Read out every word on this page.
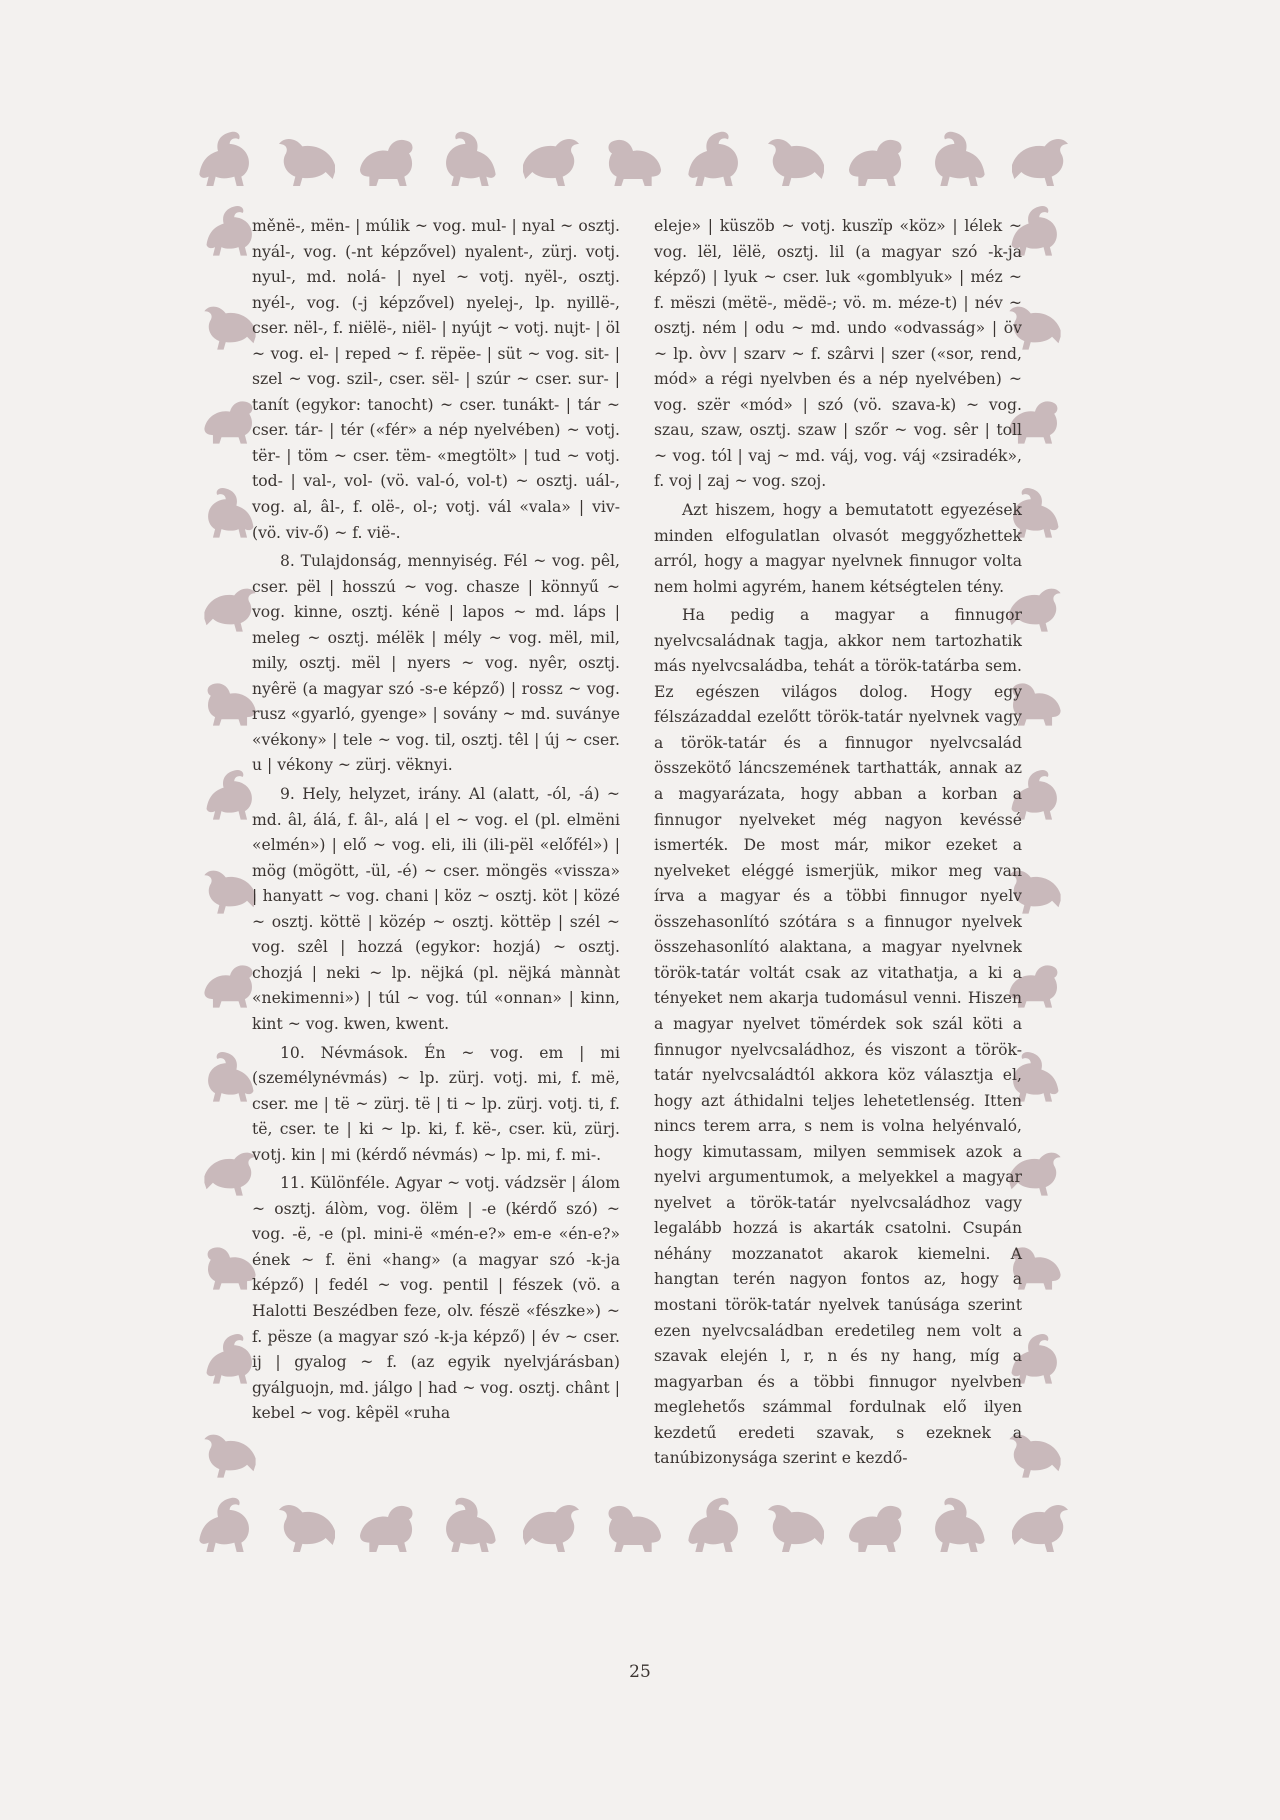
měnë-, mën- | múlik ~ vog. mul- | nyal ~ osztj. nyál-, vog. (-nt képzővel) nyalent-, zürj. votj. nyul-, md. nolá- | nyel ~ votj. nyël-, osztj. nyél-, vog. (-j képzővel) nyelej-, lp. nyillë-, cser. nël-, f. niëlë-, niël- | nyújt ~ votj. nujt- | öl ~ vog. el- | reped ~ f. rëpëe- | süt ~ vog. sit- | szel ~ vog. szil-, cser. sël- | szúr ~ cser. sur- | tanít (egykor: tanocht) ~ cser. tunákt- | tár ~ cser. tár- | tér («fér» a nép nyelvében) ~ votj. tër- | töm ~ cser. tëm- «megtölt» | tud ~ votj. tod- | val-, vol- (vö. val-ó, vol-t) ~ osztj. uál-, vog. al, âl-, f. olë-, ol-; votj. vál «vala» | viv- (vö. viv-ő) ~ f. viё-.

8. Tulajdonság, mennyiség. Fél ~ vog. pêl, cser. pël | hosszú ~ vog. chasze | könnyű ~ vog. kinne, osztj. kénë | lapos ~ md. láps | meleg ~ osztj. mélëk | mély ~ vog. mël, mil, mily, osztj. mël | nyers ~ vog. nyêr, osztj. nyêrë (a magyar szó -s-e képző) | rossz ~ vog. rusz «gyarló, gyenge» | sovány ~ md. suványe «vékony» | tele ~ vog. til, osztj. têl | új ~ cser. u | vékony ~ zürj. vëknyi.

9. Hely, helyzet, irány. Al (alatt, -ól, -á) ~ md. âl, álá, f. âl-, alá | el ~ vog. el (pl. elmëni «elmén») | elő ~ vog. eli, ili (ili-pël «előfél») | mög (mögött, -ül, -é) ~ cser. möngës «vissza» | hanyatt ~ vog. chani | köz ~ osztj. köt | közé ~ osztj. köttë | közép ~ osztj. köttëp | szél ~ vog. szêl | hozzá (egykor: hozjá) ~ osztj. chozjá | neki ~ lp. nëjká (pl. nëjká mànnàt «nekimenni») | túl ~ vog. túl «onnan» | kinn, kint ~ vog. kwen, kwent.

10. Névmások. Én ~ vog. em | mi (személynévmás) ~ lp. zürj. votj. mi, f. më, cser. me | të ~ zürj. të | ti ~ lp. zürj. votj. ti, f. të, cser. te | ki ~ lp. ki, f. kë-, cser. kü, zürj. votj. kin | mi (kérdő névmás) ~ lp. mi, f. mi-.

11. Különféle. Agyar ~ votj. vádzsër | álom ~ osztj. álòm, vog. ölëm | -e (kérdő szó) ~ vog. -ë, -e (pl. mini-ë «mén-e?» em-e «én-e?» ének ~ f. ëni «hang» (a magyar szó -k-ja képző) | fedél ~ vog. pentil | fészek (vö. a Halotti Beszédben feze, olv. fészë «fészke») ~ f. pësze (a magyar szó -k-ja képző) | év ~ cser. ij | gyalog ~ f. (az egyik nyelvjárásban) gyálguojn, md. jálgo | had ~ vog. osztj. chânt | kebel ~ vog. kêpël «ruha

eleje» | küszöb ~ votj. kuszïp «köz» | lélek ~ vog. lël, lëlë, osztj. lil (a magyar szó -k-ja képző) | lyuk ~ cser. luk «gomblyuk» | méz ~ f. mëszi (mëtë-, mëdë-; vö. m. méze-t) | név ~ osztj. ném | odu ~ md. undo «odvasság» | öv ~ lp. òvv | szarv ~ f. szârvi | szer («sor, rend, mód» a régi nyelvben és a nép nyelvében) ~ vog. szër «mód» | szó (vö. szava-k) ~ vog. szau, szaw, osztj. szaw | szőr ~ vog. sêr | toll ~ vog. tól | vaj ~ md. váj, vog. váj «zsiradék», f. voj | zaj ~ vog. szoj.

Azt hiszem, hogy a bemutatott egyezések minden elfogulatlan olvasót meggyőzhettek arról, hogy a magyar nyelvnek finnugor volta nem holmi agyrém, hanem kétségtelen tény.

Ha pedig a magyar a finnugor nyelvcsaládnak tagja, akkor nem tartozhatik más nyelvcsaládba, tehát a török-tatárba sem. Ez egészen világos dolog. Hogy egy félszázaddal ezelőtt török-tatár nyelvnek vagy a török-tatár és a finnugor nyelvcsalád összekötő láncszemének tarthatták, annak az a magyarázata, hogy abban a korban a finnugor nyelveket még nagyon kevéssé ismerték. De most már, mikor ezeket a nyelveket eléggé ismerjük, mikor meg van írva a magyar és a többi finnugor nyelv összehasonlító szótára s a finnugor nyelvek összehasonlító alaktana, a magyar nyelvnek török-tatár voltát csak az vitathatja, a ki a tényeket nem akarja tudomásul venni. Hiszen a magyar nyelvet tömérdek sok szál köti a finnugor nyelvcsaládhoz, és viszont a török-tatár nyelvcsaládtól akkora köz választja el, hogy azt áthidalni teljes lehetetlenség. Itten nincs terem arra, s nem is volna helyénvaló, hogy kimutassam, milyen semmisek azok a nyelvi argumentumok, a melyekkel a magyar nyelvet a török-tatár nyelvcsaládhoz vagy legalább hozzá is akarták csatolni. Csupán néhány mozzanatot akarok kiemelni. A hangtan terén nagyon fontos az, hogy a mostani török-tatár nyelvek tanúsága szerint ezen nyelvcsaládban eredetileg nem volt a szavak elején l, r, n és ny hang, míg a magyarban és a többi finnugor nyelvben meglehetős számmal fordulnak elő ilyen kezdetű eredeti szavak, s ezeknek a tanúbizonysága szerint e kezdő-

25
